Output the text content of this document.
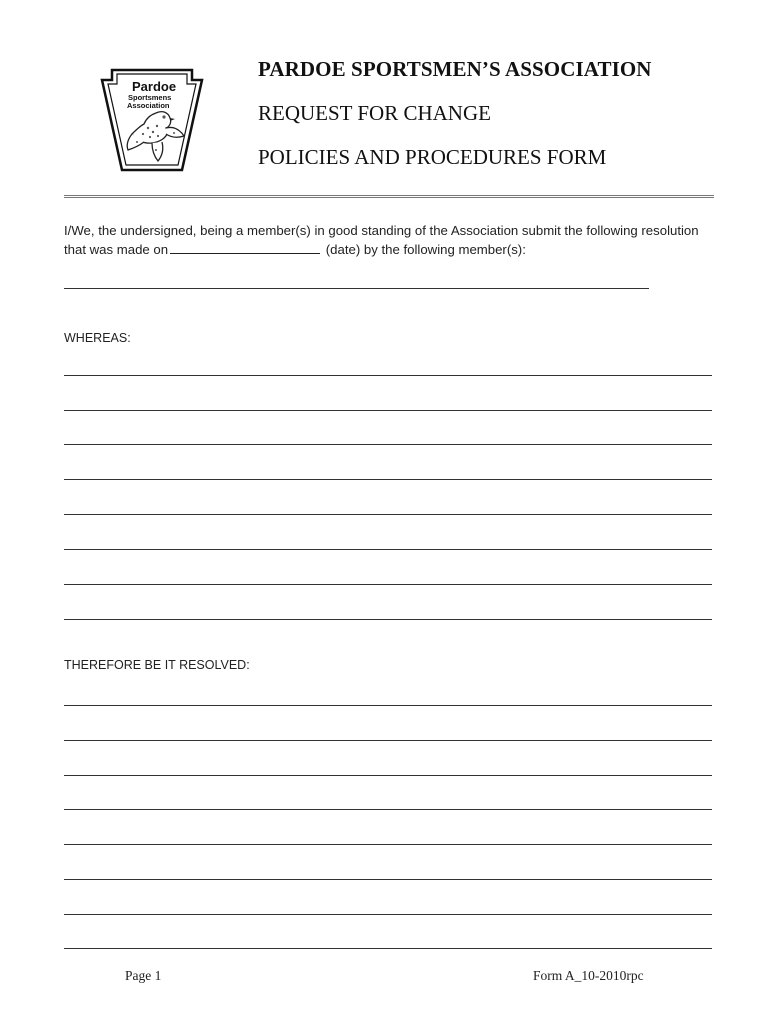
Pardoe
Sportsmens
Association
PARDOE SPORTSMEN’S ASSOCIATION
REQUEST FOR CHANGE
POLICIES AND PROCEDURES FORM
I/We, the undersigned, being a member(s) in good standing of the Association submit the following resolution that was made on	(date) by the following member(s):
WHEREAS:
THEREFORE BE IT RESOLVED:
Page 1	Form A_10-2010rpc
